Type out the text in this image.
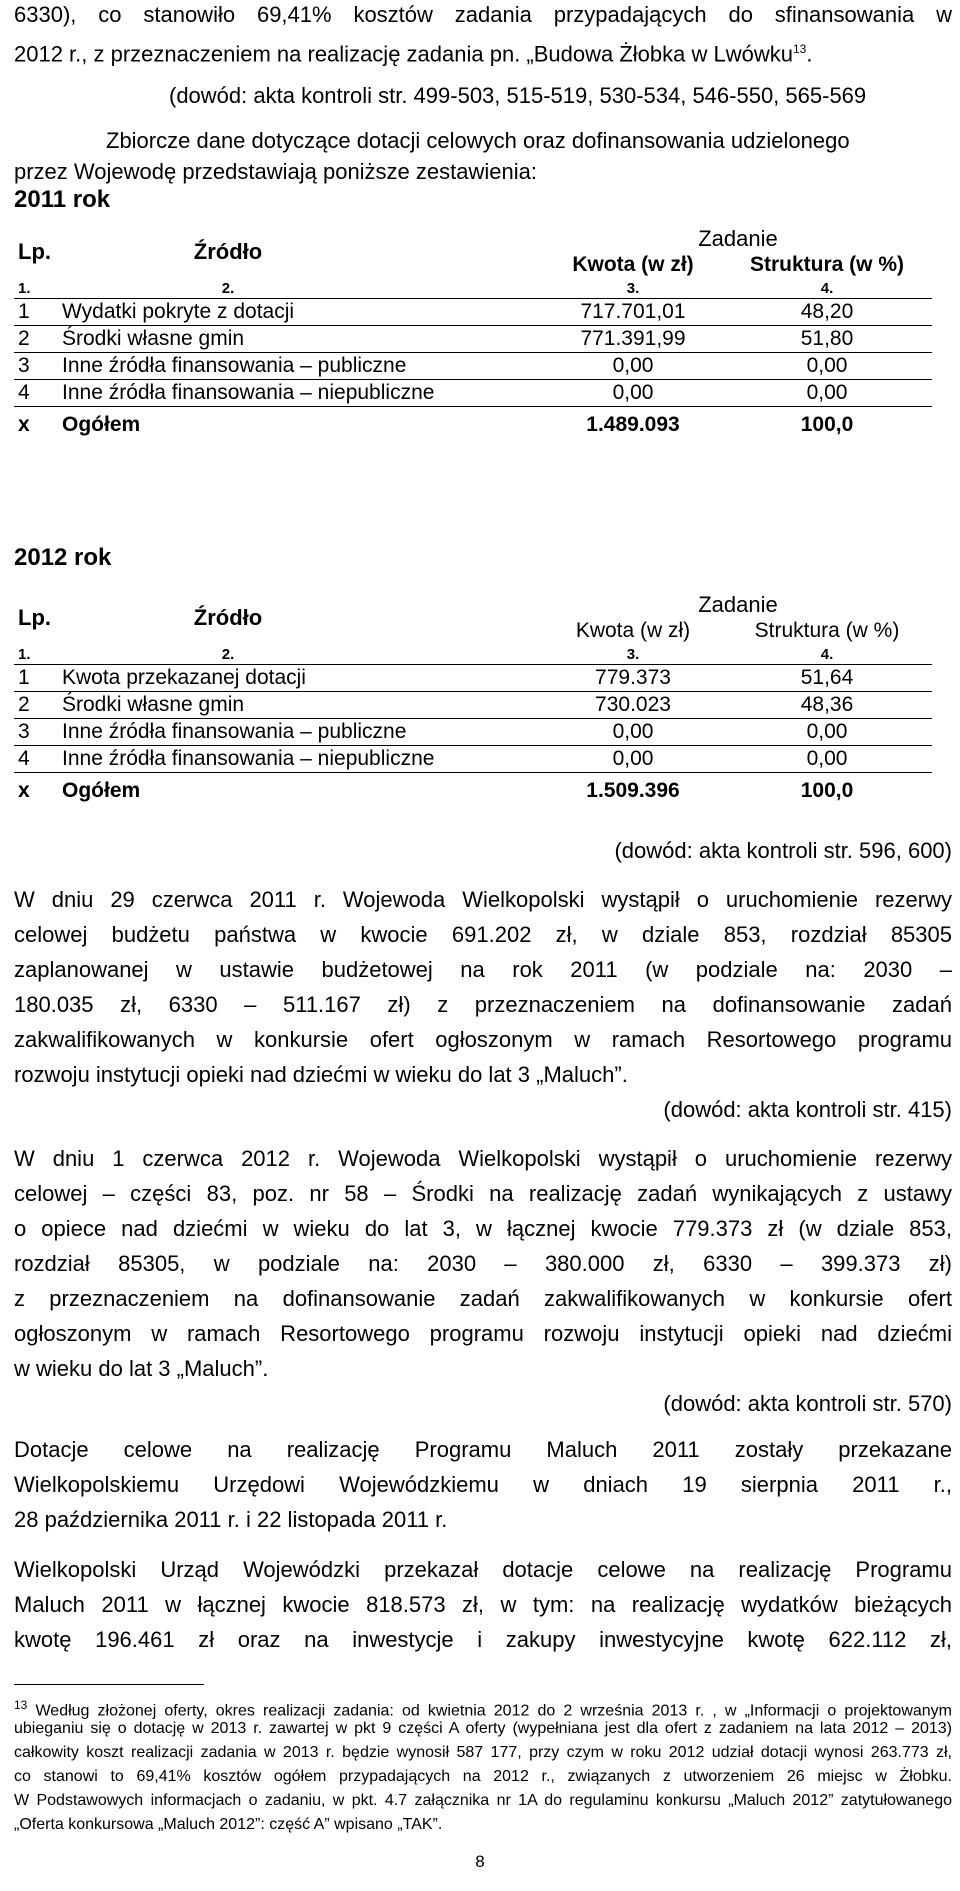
6330), co stanowiło 69,41% kosztów zadania przypadających do sfinansowania w
2012 r., z przeznaczeniem na realizację zadania pn. „Budowa Żłobka w Lwówku$^{13}$.
(dowód: akta kontroli str. 499-503, 515-519, 530-534, 546-550, 565-569
Zbiorcze dane dotyczące dotacji celowych oraz dofinansowania udzielonego
przez Wojewodę przedstawiają poniższe zestawienia:
2011 rok
Lp.	Źródło	Zadanie	
		Kwota (w zł)	Struktura (w %)
1.	2.	3.	4.
1	Wydatki pokryte z dotacji	717.701,01	48,20
2	Środki własne gmin	771.391,99	51,80
3	Inne źródła finansowania – publiczne	0,00	0,00
4	Inne źródła finansowania – niepubliczne	0,00	0,00
x	Ogółem	1.489.093	100,0
2012 rok
Lp.	Źródło	Zadanie	
		Kwota (w zł)	Struktura (w %)
1.	2.	3.	4.
1	Kwota przekazanej dotacji	779.373	51,64
2	Środki własne gmin	730.023	48,36
3	Inne źródła finansowania – publiczne	0,00	0,00
4	Inne źródła finansowania – niepubliczne	0,00	0,00
x	Ogółem	1.509.396	100,0
(dowód: akta kontroli str. 596, 600)
W dniu 29 czerwca 2011 r. Wojewoda Wielkopolski wystąpił o uruchomienie rezerwy
celowej budżetu państwa w kwocie 691.202 zł, w dziale 853, rozdział 85305
zaplanowanej w ustawie budżetowej na rok 2011 (w podziale na: 2030 –
180.035 zł, 6330 – 511.167 zł) z przeznaczeniem na dofinansowanie zadań
zakwalifikowanych w konkursie ofert ogłoszonym w ramach Resortowego programu
rozwoju instytucji opieki nad dziećmi w wieku do lat 3 „Maluch”.
(dowód: akta kontroli str. 415)
W dniu 1 czerwca 2012 r. Wojewoda Wielkopolski wystąpił o uruchomienie rezerwy
celowej – części 83, poz. nr 58 – Środki na realizację zadań wynikających z ustawy
o opiece nad dziećmi w wieku do lat 3, w łącznej kwocie 779.373 zł (w dziale 853,
rozdział 85305, w podziale na: 2030 – 380.000 zł, 6330 – 399.373 zł)
z przeznaczeniem na dofinansowanie zadań zakwalifikowanych w konkursie ofert
ogłoszonym w ramach Resortowego programu rozwoju instytucji opieki nad dziećmi
w wieku do lat 3 „Maluch”.
(dowód: akta kontroli str. 570)
Dotacje celowe na realizację Programu Maluch 2011 zostały przekazane
Wielkopolskiemu Urzędowi Wojewódzkiemu w dniach 19 sierpnia 2011 r.,
28 października 2011 r. i 22 listopada 2011 r.
Wielkopolski Urząd Wojewódzki przekazał dotacje celowe na realizację Programu
Maluch 2011 w łącznej kwocie 818.573 zł, w tym: na realizację wydatków bieżących
kwotę 196.461 zł oraz na inwestycje i zakupy inwestycyjne kwotę 622.112 zł,
$^{13}$ Według złożonej oferty, okres realizacji zadania: od kwietnia 2012 do 2 września 2013 r. , w „Informacji o projektowanym
ubieganiu się o dotację w 2013 r. zawartej w pkt 9 części A oferty (wypełniana jest dla ofert z zadaniem na lata 2012 – 2013)
całkowity koszt realizacji zadania w 2013 r. będzie wynosił 587 177, przy czym w roku 2012 udział dotacji wynosi 263.773 zł,
co stanowi to 69,41% kosztów ogółem przypadających na 2012 r., związanych z utworzeniem 26 miejsc w Żłobku.
W Podstawowych informacjach o zadaniu, w pkt. 4.7 załącznika nr 1A do regulaminu konkursu „Maluch 2012” zatytułowanego
„Oferta konkursowa „Maluch 2012”: część A” wpisano „TAK”.
8
